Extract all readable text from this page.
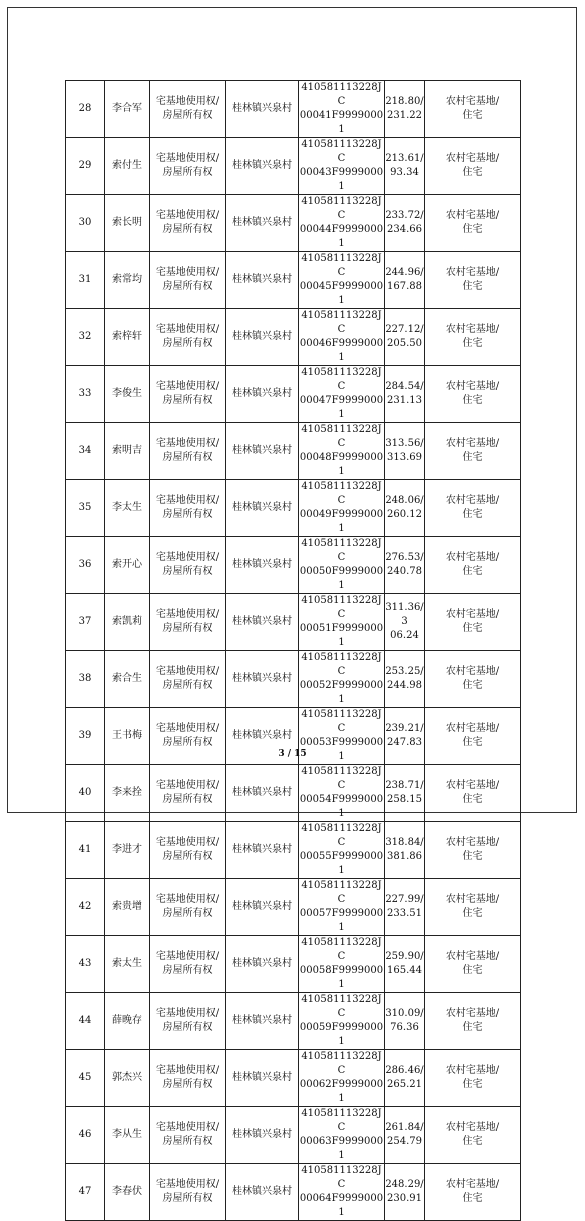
28	李合军	宅基地使用权/
房屋所有权	桂林镇兴泉村	410581113228JC
00041F99990001	218.80/
231.22	农村宅基地/
住宅

29	索付生	宅基地使用权/
房屋所有权	桂林镇兴泉村	410581113228JC
00043F99990001	213.61/
93.34	农村宅基地/
住宅

30	索长明	宅基地使用权/
房屋所有权	桂林镇兴泉村	410581113228JC
00044F99990001	233.72/
234.66	农村宅基地/
住宅

31	索常均	宅基地使用权/
房屋所有权	桂林镇兴泉村	410581113228JC
00045F99990001	244.96/
167.88	农村宅基地/
住宅

32	索梓轩	宅基地使用权/
房屋所有权	桂林镇兴泉村	410581113228JC
00046F99990001	227.12/
205.50	农村宅基地/
住宅

33	李俊生	宅基地使用权/
房屋所有权	桂林镇兴泉村	410581113228JC
00047F99990001	284.54/
231.13	农村宅基地/
住宅

34	索明吉	宅基地使用权/
房屋所有权	桂林镇兴泉村	410581113228JC
00048F99990001	313.56/
313.69	农村宅基地/
住宅

35	李太生	宅基地使用权/
房屋所有权	桂林镇兴泉村	410581113228JC
00049F99990001	248.06/
260.12	农村宅基地/
住宅

36	索开心	宅基地使用权/
房屋所有权	桂林镇兴泉村	410581113228JC
00050F99990001	276.53/
240.78	农村宅基地/
住宅

37	索凯莉	宅基地使用权/
房屋所有权	桂林镇兴泉村	410581113228JC
00051F99990001	311.36/3
06.24	农村宅基地/
住宅

38	索合生	宅基地使用权/
房屋所有权	桂林镇兴泉村	410581113228JC
00052F99990001	253.25/
244.98	农村宅基地/
住宅

39	王书梅	宅基地使用权/
房屋所有权	桂林镇兴泉村	410581113228JC
00053F99990001	239.21/
247.83	农村宅基地/
住宅

40	李来拴	宅基地使用权/
房屋所有权	桂林镇兴泉村	410581113228JC
00054F99990001	238.71/
258.15	农村宅基地/
住宅

41	李进才	宅基地使用权/
房屋所有权	桂林镇兴泉村	410581113228JC
00055F99990001	318.84/
381.86	农村宅基地/
住宅

42	索贵增	宅基地使用权/
房屋所有权	桂林镇兴泉村	410581113228JC
00057F99990001	227.99/
233.51	农村宅基地/
住宅

43	索太生	宅基地使用权/
房屋所有权	桂林镇兴泉村	410581113228JC
00058F99990001	259.90/
165.44	农村宅基地/
住宅

44	薛晚存	宅基地使用权/
房屋所有权	桂林镇兴泉村	410581113228JC
00059F99990001	310.09/
76.36	农村宅基地/
住宅

45	郭杰兴	宅基地使用权/
房屋所有权	桂林镇兴泉村	410581113228JC
00062F99990001	286.46/
265.21	农村宅基地/
住宅

46	李从生	宅基地使用权/
房屋所有权	桂林镇兴泉村	410581113228JC
00063F99990001	261.84/
254.79	农村宅基地/
住宅

47	李春伏	宅基地使用权/
房屋所有权	桂林镇兴泉村	410581113228JC
00064F99990001	248.29/
230.91	农村宅基地/
住宅
3 / 15
